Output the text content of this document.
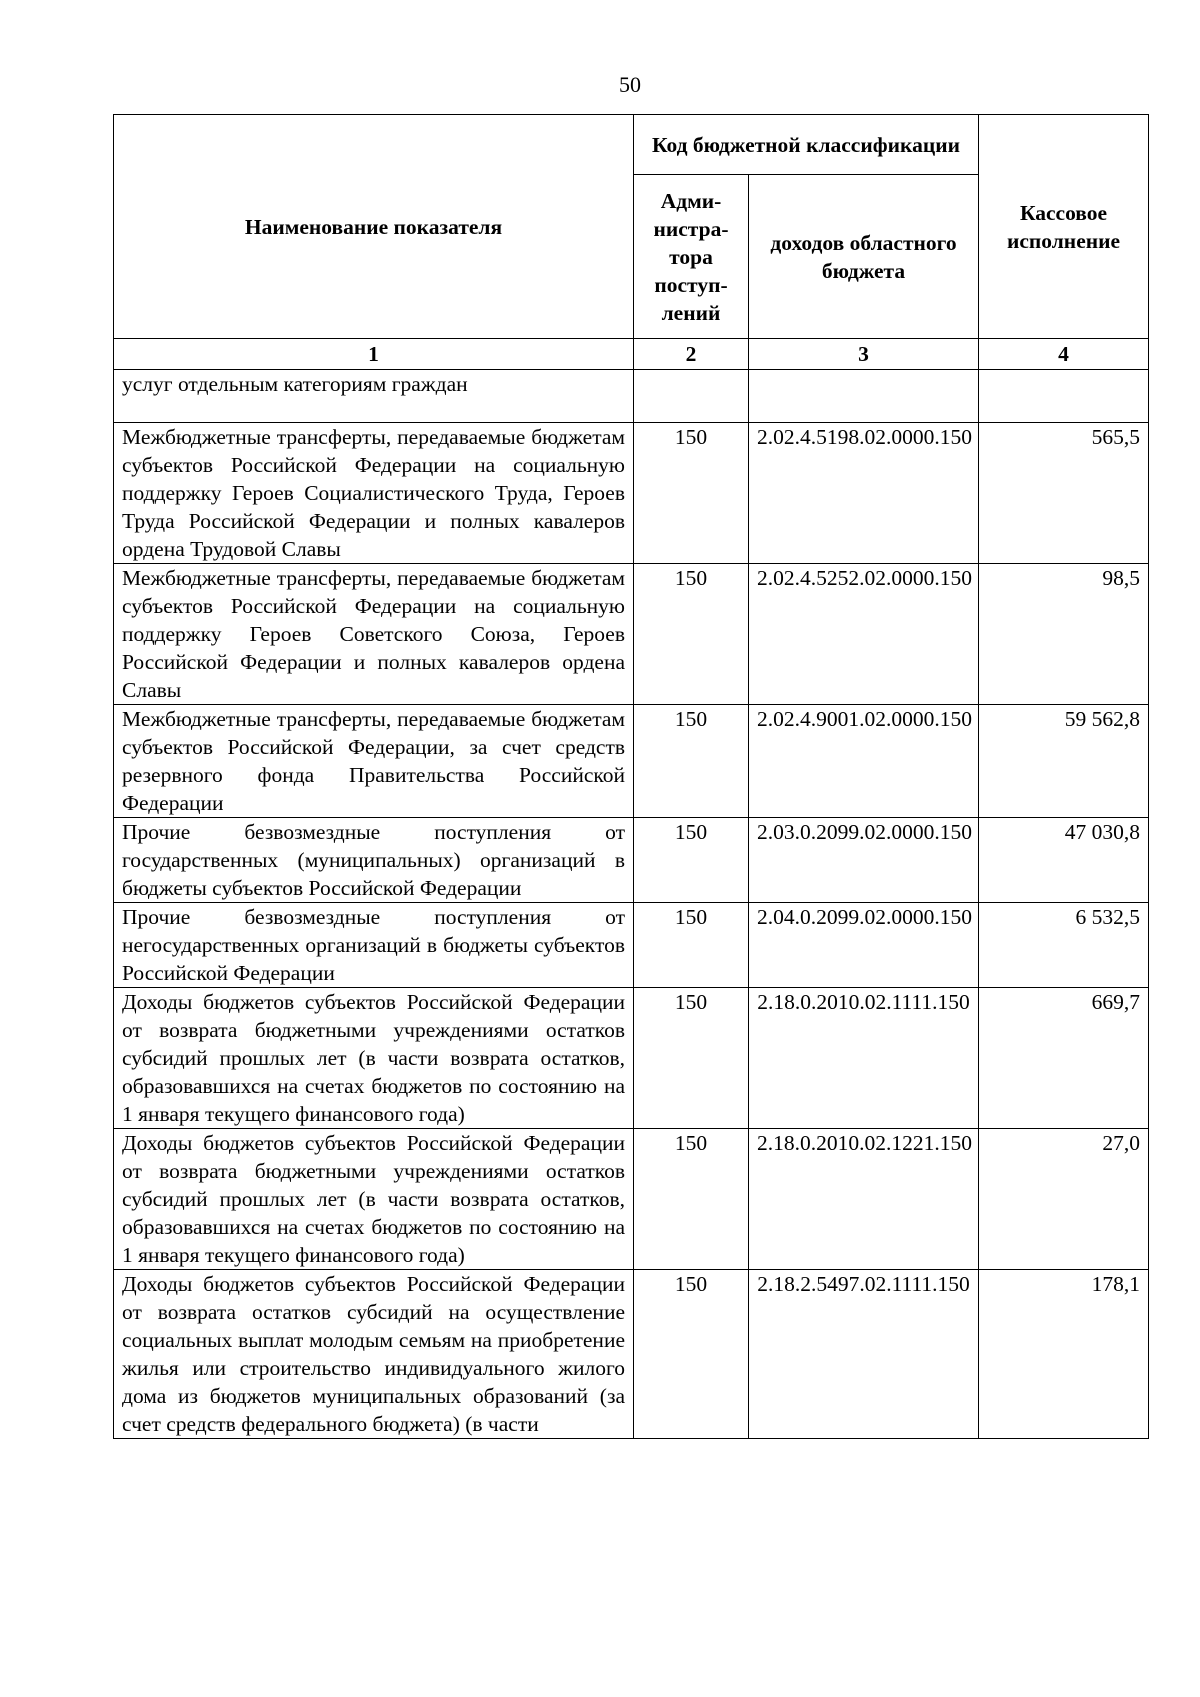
50
Наименование показателя	Код бюджетной классификации		Кассовое исполнение
	Адми-нистра-тора поступ-лений	доходов областного бюджета	
1	2	3	4
услуг отдельным категориям граждан			
Межбюджетные трансферты, передаваемые бюджетам субъектов Российской Федерации на социальную поддержку Героев Социалистического Труда, Героев Труда Российской Федерации и полных кавалеров ордена Трудовой Славы	150	2.02.4.5198.02.0000.150	565,5
Межбюджетные трансферты, передаваемые бюджетам субъектов Российской Федерации на социальную поддержку Героев Советского Союза, Героев Российской Федерации и полных кавалеров ордена Славы	150	2.02.4.5252.02.0000.150	98,5
Межбюджетные трансферты, передаваемые бюджетам субъектов Российской Федерации, за счет средств резервного фонда Правительства Российской Федерации	150	2.02.4.9001.02.0000.150	59 562,8
Прочие безвозмездные поступления от государственных (муниципальных) организаций в бюджеты субъектов Российской Федерации	150	2.03.0.2099.02.0000.150	47 030,8
Прочие безвозмездные поступления от негосударственных организаций в бюджеты субъектов Российской Федерации	150	2.04.0.2099.02.0000.150	6 532,5
Доходы бюджетов субъектов Российской Федерации от возврата бюджетными учреждениями остатков субсидий прошлых лет (в части возврата остатков, образовавшихся на счетах бюджетов по состоянию на 1 января текущего финансового года)	150	2.18.0.2010.02.1111.150	669,7
Доходы бюджетов субъектов Российской Федерации от возврата бюджетными учреждениями остатков субсидий прошлых лет (в части возврата остатков, образовавшихся на счетах бюджетов по состоянию на 1 января текущего финансового года)	150	2.18.0.2010.02.1221.150	27,0
Доходы бюджетов субъектов Российской Федерации от возврата остатков субсидий на осуществление социальных выплат молодым семьям на приобретение жилья или строительство индивидуального жилого дома из бюджетов муниципальных образований (за счет средств федерального бюджета) (в части	150	2.18.2.5497.02.1111.150	178,1
